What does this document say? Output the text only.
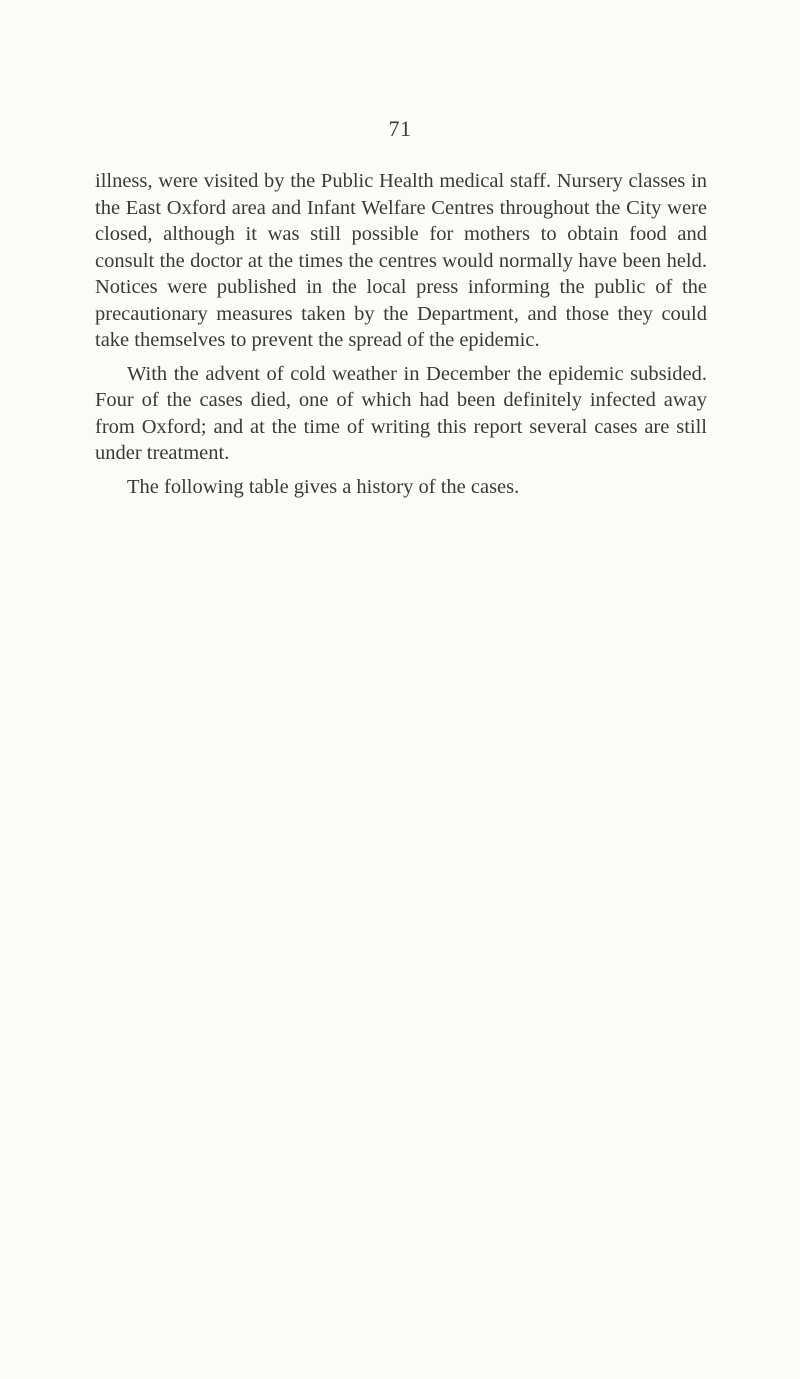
71

illness, were visited by the Public Health medical staff. Nursery classes in the East Oxford area and Infant Welfare Centres throughout the City were closed, although it was still possible for mothers to obtain food and consult the doctor at the times the centres would normally have been held. Notices were published in the local press informing the public of the precautionary measures taken by the Department, and those they could take themselves to prevent the spread of the epidemic.

With the advent of cold weather in December the epidemic subsided. Four of the cases died, one of which had been definitely infected away from Oxford; and at the time of writing this report several cases are still under treatment.

The following table gives a history of the cases.
